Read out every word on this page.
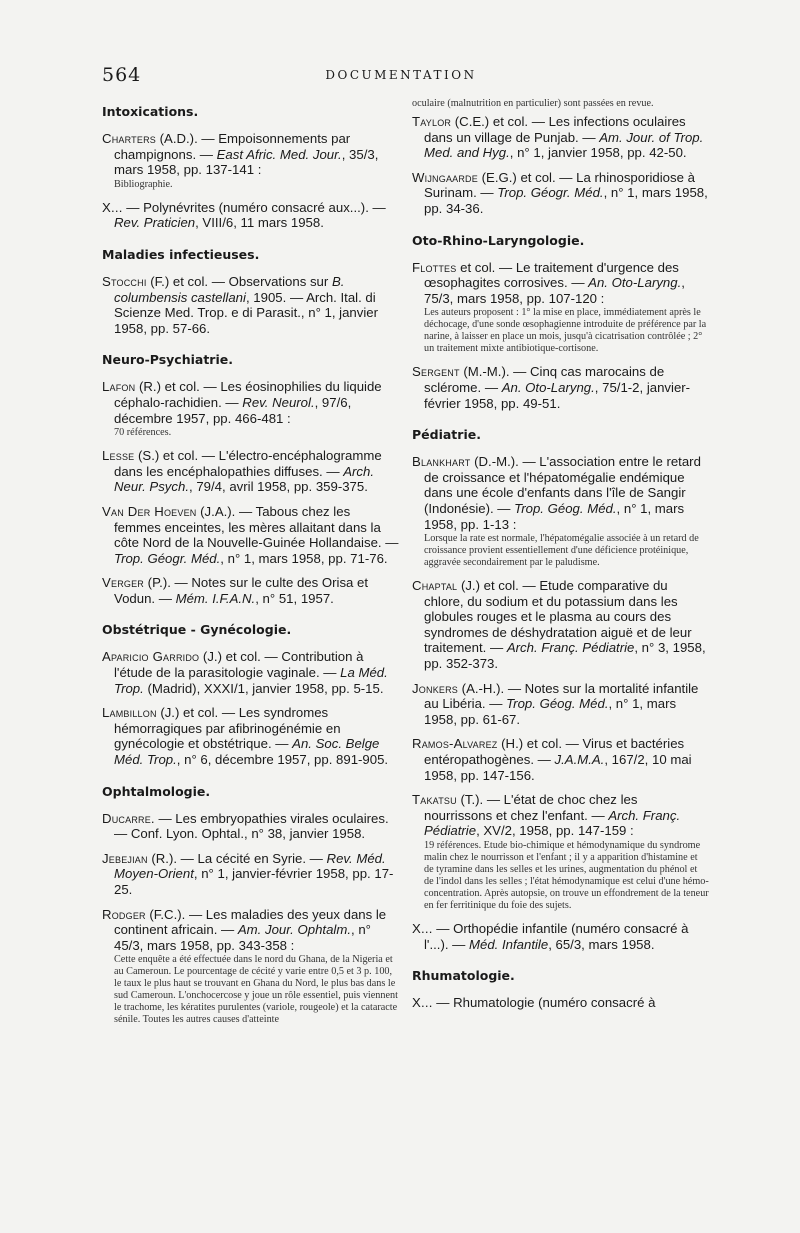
564	DOCUMENTATION
Intoxications.
Charters (A.D.). — Empoisonnements par champignons. — East Afric. Med. Jour., 35/3, mars 1958, pp. 137-141 :
Bibliographie.
X... — Polynévrites (numéro consacré aux...). — Rev. Praticien, VIII/6, 11 mars 1958.
Maladies infectieuses.
Stocchi (F.) et col. — Observations sur B. columbensis castellani, 1905. — Arch. Ital. di Scienze Med. Trop. e di Parasit., n° 1, janvier 1958, pp. 57-66.
Neuro-Psychiatrie.
Lafon (R.) et col. — Les éosinophilies du liquide céphalo-rachidien. — Rev. Neurol., 97/6, décembre 1957, pp. 466-481 :
70 références.
Lesse (S.) et col. — L'électro-encéphalogramme dans les encéphalopathies diffuses. — Arch. Neur. Psych., 79/4, avril 1958, pp. 359-375.
Van Der Hoeven (J.A.). — Tabous chez les femmes enceintes, les mères allaitant dans la côte Nord de la Nouvelle-Guinée Hollandaise. — Trop. Géogr. Méd., n° 1, mars 1958, pp. 71-76.
Verger (P.). — Notes sur le culte des Orisa et Vodun. — Mém. I.F.A.N., n° 51, 1957.
Obstétrique - Gynécologie.
Aparicio Garrido (J.) et col. — Contribution à l'étude de la parasitologie vaginale. — La Méd. Trop. (Madrid), XXXI/1, janvier 1958, pp. 5-15.
Lambillon (J.) et col. — Les syndromes hémorragiques par afibrinogénémie en gynécologie et obstétrique. — An. Soc. Belge Méd. Trop., n° 6, décembre 1957, pp. 891-905.
Ophtalmologie.
Ducarre. — Les embryopathies virales oculaires. — Conf. Lyon. Ophtal., n° 38, janvier 1958.
Jebejian (R.). — La cécité en Syrie. — Rev. Méd. Moyen-Orient, n° 1, janvier-février 1958, pp. 17-25.
Rodger (F.C.). — Les maladies des yeux dans le continent africain. — Am. Jour. Ophtalm., n° 45/3, mars 1958, pp. 343-358 :
Cette enquête a été effectuée dans le nord du Ghana, de la Nigeria et au Cameroun. Le pourcentage de cécité y varie entre 0,5 et 3 p. 100, le taux le plus haut se trouvant en Ghana du Nord, le plus bas dans le sud Cameroun. L'onchocercose y joue un rôle essentiel, puis viennent le trachome, les kératites purulentes (variole, rougeole) et la cataracte sénile. Toutes les autres causes d'atteinte
oculaire (malnutrition en particulier) sont passées en revue.
Taylor (C.E.) et col. — Les infections oculaires dans un village de Punjab. — Am. Jour. of Trop. Med. and Hyg., n° 1, janvier 1958, pp. 42-50.
Wijngaarde (E.G.) et col. — La rhinosporidiose à Surinam. — Trop. Géogr. Méd., n° 1, mars 1958, pp. 34-36.
Oto-Rhino-Laryngologie.
Flottes et col. — Le traitement d'urgence des œsophagites corrosives. — An. Oto-Laryng., 75/3, mars 1958, pp. 107-120 :
Les auteurs proposent : 1° la mise en place, immédiatement après le déchocage, d'une sonde œsophagienne introduite de préférence par la narine, à laisser en place un mois, jusqu'à cicatrisation contrôlée ; 2° un traitement mixte antibiotique-cortisone.
Sergent (M.-M.). — Cinq cas marocains de sclérome. — An. Oto-Laryng., 75/1-2, janvier-février 1958, pp. 49-51.
Pédiatrie.
Blankhart (D.-M.). — L'association entre le retard de croissance et l'hépatomégalie endémique dans une école d'enfants dans l'île de Sangir (Indonésie). — Trop. Géog. Méd., n° 1, mars 1958, pp. 1-13 :
Lorsque la rate est normale, l'hépatomégalie associée à un retard de croissance provient essentiellement d'une déficience protéinique, aggravée secondairement par le paludisme.
Chaptal (J.) et col. — Etude comparative du chlore, du sodium et du potassium dans les globules rouges et le plasma au cours des syndromes de déshydratation aiguë et de leur traitement. — Arch. Franç. Pédiatrie, n° 3, 1958, pp. 352-373.
Jonkers (A.-H.). — Notes sur la mortalité infantile au Libéria. — Trop. Géog. Méd., n° 1, mars 1958, pp. 61-67.
Ramos-Alvarez (H.) et col. — Virus et bactéries entéropathogènes. — J.A.M.A., 167/2, 10 mai 1958, pp. 147-156.
Takatsu (T.). — L'état de choc chez les nourrissons et chez l'enfant. — Arch. Franç. Pédiatrie, XV/2, 1958, pp. 147-159 :
19 références. Etude bio-chimique et hémodynamique du syndrome malin chez le nourrisson et l'enfant ; il y a apparition d'histamine et de tyramine dans les selles et les urines, augmentation du phénol et de l'indol dans les selles ; l'état hémodynamique est celui d'une hémo-concentration. Après autopsie, on trouve un effondrement de la teneur en fer ferritinique du foie des sujets.
X... — Orthopédie infantile (numéro consacré à l'...). — Méd. Infantile, 65/3, mars 1958.
Rhumatologie.
X... — Rhumatologie (numéro consacré à
